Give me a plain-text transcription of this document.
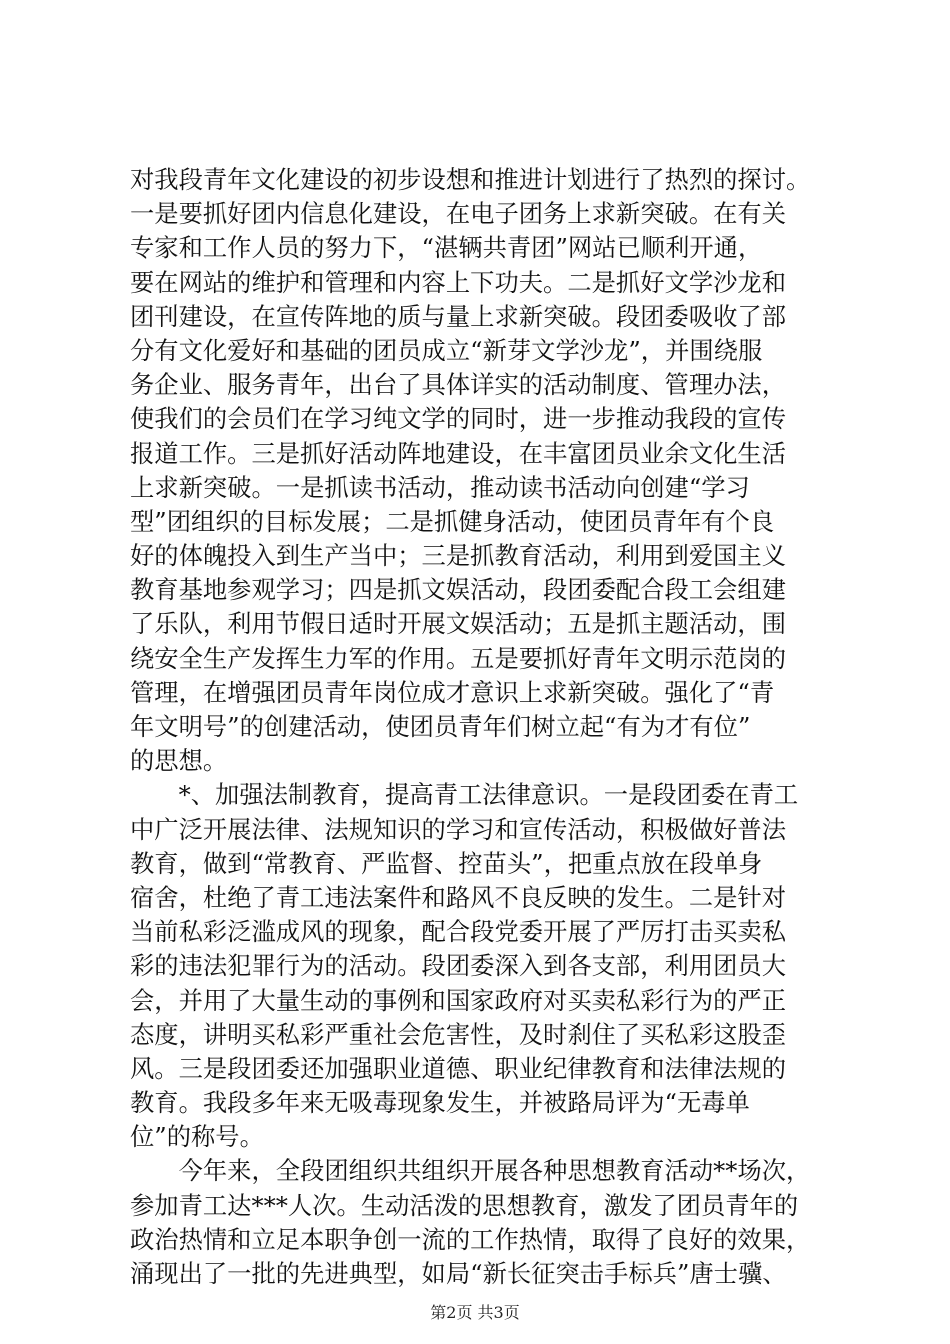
对我段青年文化建设的初步设想和推进计划进行了热烈的探讨。
一是要抓好团内信息化建设，在电子团务上求新突破。在有关
专家和工作人员的努力下，“湛辆共青团”网站已顺利开通，
要在网站的维护和管理和内容上下功夫。二是抓好文学沙龙和
团刊建设，在宣传阵地的质与量上求新突破。段团委吸收了部
分有文化爱好和基础的团员成立“新芽文学沙龙”，并围绕服
务企业、服务青年，出台了具体详实的活动制度、管理办法，
使我们的会员们在学习纯文学的同时，进一步推动我段的宣传
报道工作。三是抓好活动阵地建设，在丰富团员业余文化生活
上求新突破。一是抓读书活动，推动读书活动向创建“学习
型”团组织的目标发展；二是抓健身活动，使团员青年有个良
好的体魄投入到生产当中；三是抓教育活动，利用到爱国主义
教育基地参观学习；四是抓文娱活动，段团委配合段工会组建
了乐队，利用节假日适时开展文娱活动；五是抓主题活动，围
绕安全生产发挥生力军的作用。五是要抓好青年文明示范岗的
管理，在增强团员青年岗位成才意识上求新突破。强化了“青
年文明号”的创建活动，使团员青年们树立起“有为才有位”
的思想。
　　*、加强法制教育，提高青工法律意识。一是段团委在青工
中广泛开展法律、法规知识的学习和宣传活动，积极做好普法
教育，做到“常教育、严监督、控苗头”，把重点放在段单身
宿舍，杜绝了青工违法案件和路风不良反映的发生。二是针对
当前私彩泛滥成风的现象，配合段党委开展了严厉打击买卖私
彩的违法犯罪行为的活动。段团委深入到各支部，利用团员大
会，并用了大量生动的事例和国家政府对买卖私彩行为的严正
态度，讲明买私彩严重社会危害性，及时刹住了买私彩这股歪
风。三是段团委还加强职业道德、职业纪律教育和法律法规的
教育。我段多年来无吸毒现象发生，并被路局评为“无毒单
位”的称号。
　　今年来，全段团组织共组织开展各种思想教育活动**场次，
参加青工达***人次。生动活泼的思想教育，激发了团员青年的
政治热情和立足本职争创一流的工作热情，取得了良好的效果，
涌现出了一批的先进典型，如局“新长征突击手标兵”唐士骥、
第2页 共3页
